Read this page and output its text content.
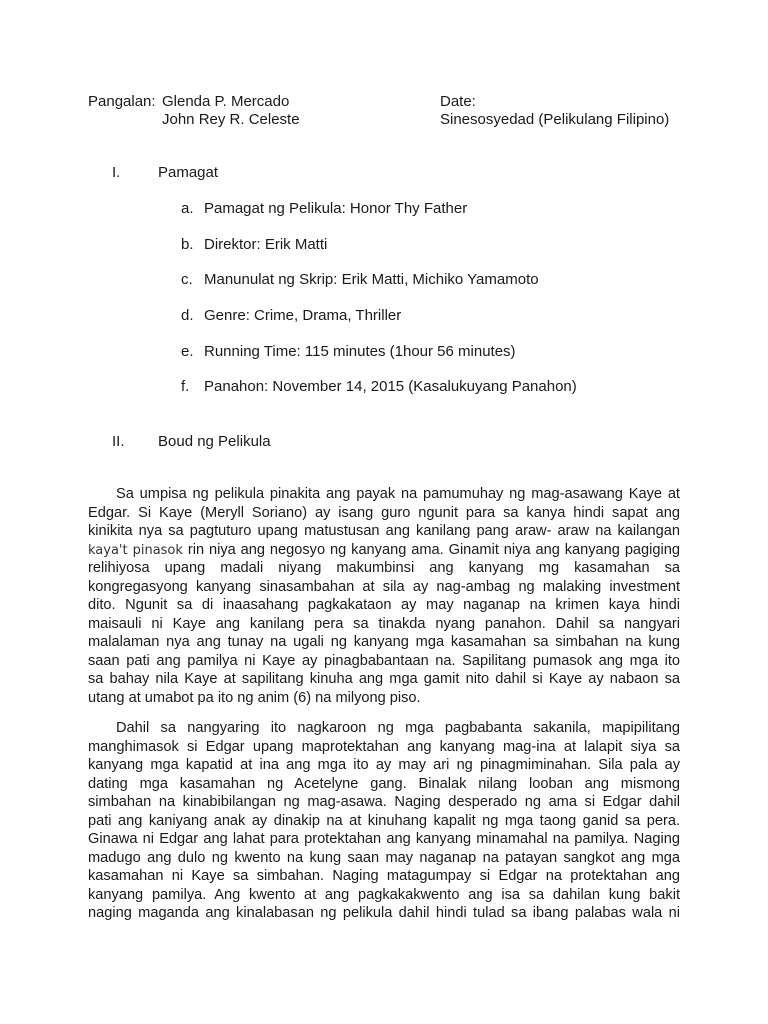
Pangalan: Glenda P. Mercado
John Rey R. Celeste
Date:
Sinesosyedad (Pelikulang Filipino)
I.	Pamagat
a. Pamagat ng Pelikula: Honor Thy Father
b. Direktor: Erik Matti
c. Manunulat ng Skrip: Erik Matti, Michiko Yamamoto
d. Genre: Crime, Drama, Thriller
e. Running Time: 115 minutes (1hour 56 minutes)
f. Panahon: November 14, 2015 (Kasalukuyang Panahon)
II. Boud ng Pelikula
Sa umpisa ng pelikula pinakita ang payak na pamumuhay ng mag-asawang Kaye at
Edgar. Si Kaye (Meryll Soriano) ay isang guro ngunit para sa kanya hindi sapat ang
kinikita nya sa pagtuturo upang matustusan ang kanilang pang araw- araw na kailangan
kaya't pinasok rin niya ang negosyo ng kanyang ama. Ginamit niya ang kanyang pagiging
relihiyosa upang madali niyang makumbinsi ang kanyang mg kasamahan sa
kongregasyong kanyang sinasambahan at sila ay nag-ambag ng malaking investment
dito. Ngunit sa di inaasahang pagkakataon ay may naganap na krimen kaya hindi
maisauli ni Kaye ang kanilang pera sa tinakda nyang panahon. Dahil sa nangyari
malalaman nya ang tunay na ugali ng kanyang mga kasamahan sa simbahan na kung
saan pati ang pamilya ni Kaye ay pinagbabantaan na. Sapilitang pumasok ang mga ito
sa bahay nila Kaye at sapilitang kinuha ang mga gamit nito dahil si Kaye ay nabaon sa
utang at umabot pa ito ng anim (6) na milyong piso.
Dahil sa nangyaring ito nagkaroon ng mga pagbabanta sakanila, mapipilitang
manghimasok si Edgar upang maprotektahan ang kanyang mag-ina at lalapit siya sa
kanyang mga kapatid at ina ang mga ito ay may ari ng pinagmiminahan. Sila pala ay
dating mga kasamahan ng Acetelyne gang. Binalak nilang looban ang mismong
simbahan na kinabibilangan ng mag-asawa. Naging desperado ng ama si Edgar dahil
pati ang kaniyang anak ay dinakip na at kinuhang kapalit ng mga taong ganid sa pera.
Ginawa ni Edgar ang lahat para protektahan ang kanyang minamahal na pamilya. Naging
madugo ang dulo ng kwento na kung saan may naganap na patayan sangkot ang mga
kasamahan ni Kaye sa simbahan. Naging matagumpay si Edgar na protektahan ang
kanyang pamilya. Ang kwento at ang pagkakakwento ang isa sa dahilan kung bakit
naging maganda ang kinalabasan ng pelikula dahil hindi tulad sa ibang palabas wala ni
